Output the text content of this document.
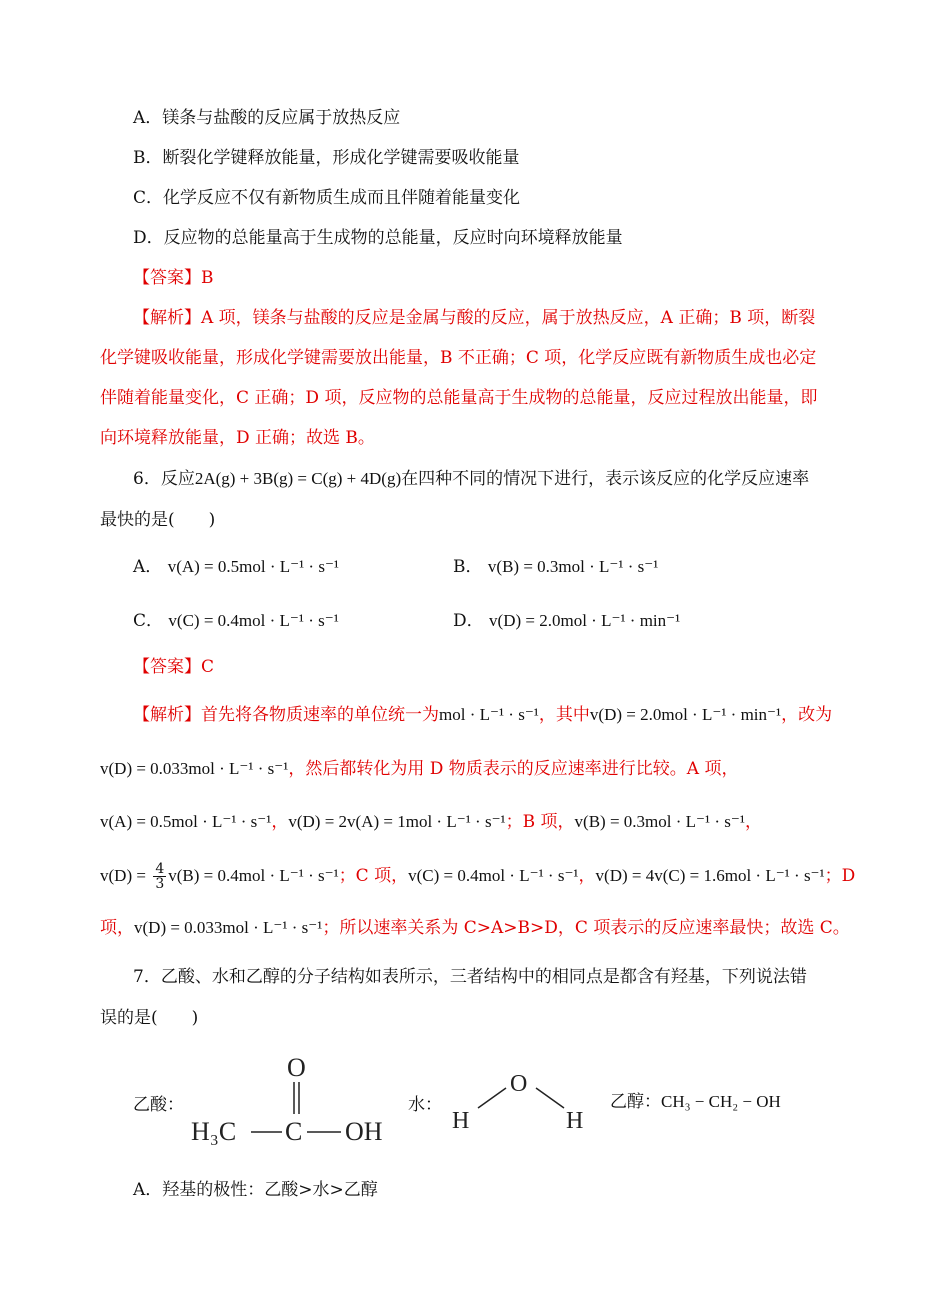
A．镁条与盐酸的反应属于放热反应
B．断裂化学键释放能量，形成化学键需要吸收能量
C．化学反应不仅有新物质生成而且伴随着能量变化
D．反应物的总能量高于生成物的总能量，反应时向环境释放能量
【答案】B
【解析】A 项，镁条与盐酸的反应是金属与酸的反应，属于放热反应，A 正确；B 项，断裂
化学键吸收能量，形成化学键需要放出能量，B 不正确；C 项，化学反应既有新物质生成也必定
伴随着能量变化，C 正确；D 项，反应物的总能量高于生成物的总能量，反应过程放出能量，即
向环境释放能量，D 正确；故选 B。
6．反应2A(g) + 3B(g) = C(g) + 4D(g)在四种不同的情况下进行，表示该反应的化学反应速率
最快的是(　　)
A． v(A) = 0.5mol · L⁻¹ · s⁻¹	B． v(B) = 0.3mol · L⁻¹ · s⁻¹
C． v(C) = 0.4mol · L⁻¹ · s⁻¹	D． v(D) = 2.0mol · L⁻¹ · min⁻¹
【答案】C
【解析】首先将各物质速率的单位统一为mol · L⁻¹ · s⁻¹，其中v(D) = 2.0mol · L⁻¹ · min⁻¹，改为
v(D) = 0.033mol · L⁻¹ · s⁻¹，然后都转化为用 D 物质表示的反应速率进行比较。A 项，
v(A) = 0.5mol · L⁻¹ · s⁻¹，v(D) = 2v(A) = 1mol · L⁻¹ · s⁻¹；B 项，v(B) = 0.3mol · L⁻¹ · s⁻¹，
$v(D) = \frac{4}{3} v(B) = 0.4mol \cdot L^{-1} \cdot s^{-1}$；C 项，v(C) = 0.4mol · L⁻¹ · s⁻¹，v(D) = 4v(C) = 1.6mol · L⁻¹ · s⁻¹；D
项，v(D) = 0.033mol · L⁻¹ · s⁻¹；所以速率关系为 C>A>B>D，C 项表示的反应速率最快；故选 C。
7．乙酸、水和乙醇的分子结构如表所示，三者结构中的相同点是都含有羟基，下列说法错
误的是(　　)
乙酸：
O
H₃C C OH
水：
O
H	H
乙醇：CH₃ − CH₂ − OH
A．羟基的极性：乙酸>水>乙醇
